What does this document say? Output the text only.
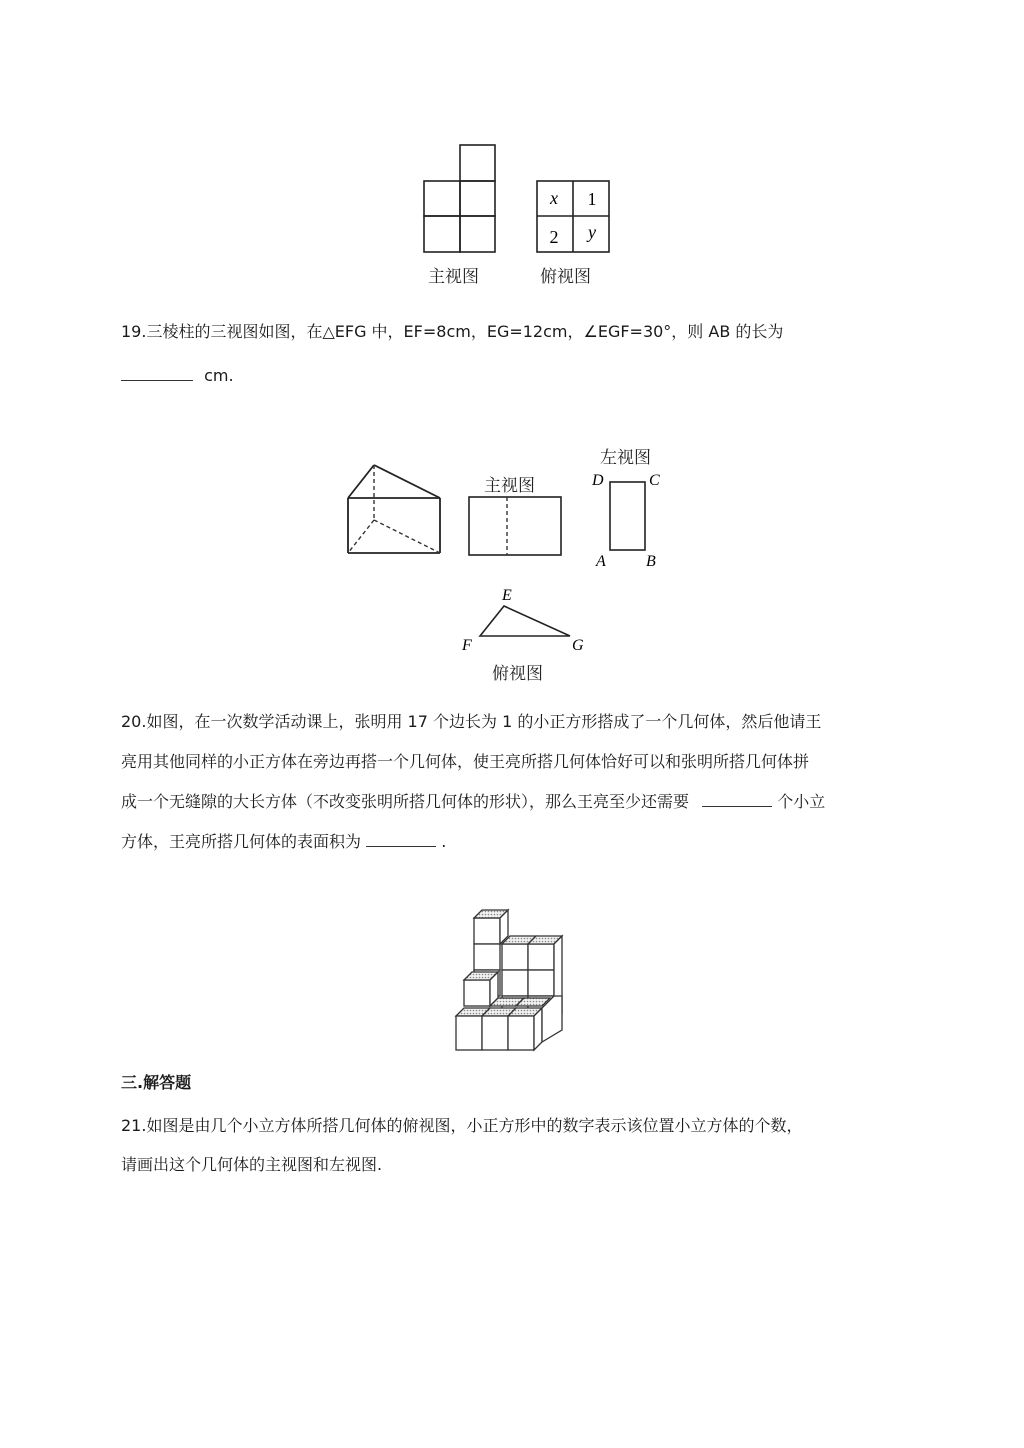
主视图
x 1
2 y
俯视图
19.三棱柱的三视图如图，在△EFG 中，EF=8cm，EG=12cm，∠EGF=30°，则 AB 的长为
cm.
主视图
左视图
D	C
A	B
E
F	G
俯视图
20.如图，在一次数学活动课上，张明用 17 个边长为 1 的小正方形搭成了一个几何体，然后他请王
亮用其他同样的小正方体在旁边再搭一个几何体，使王亮所搭几何体恰好可以和张明所搭几何体拼
成一个无缝隙的大长方体（不改变张明所搭几何体的形状），那么王亮至少还需要	个小立
方体，王亮所搭几何体的表面积为	.
三.解答题
21.如图是由几个小立方体所搭几何体的俯视图，小正方形中的数字表示该位置小立方体的个数，
请画出这个几何体的主视图和左视图.
